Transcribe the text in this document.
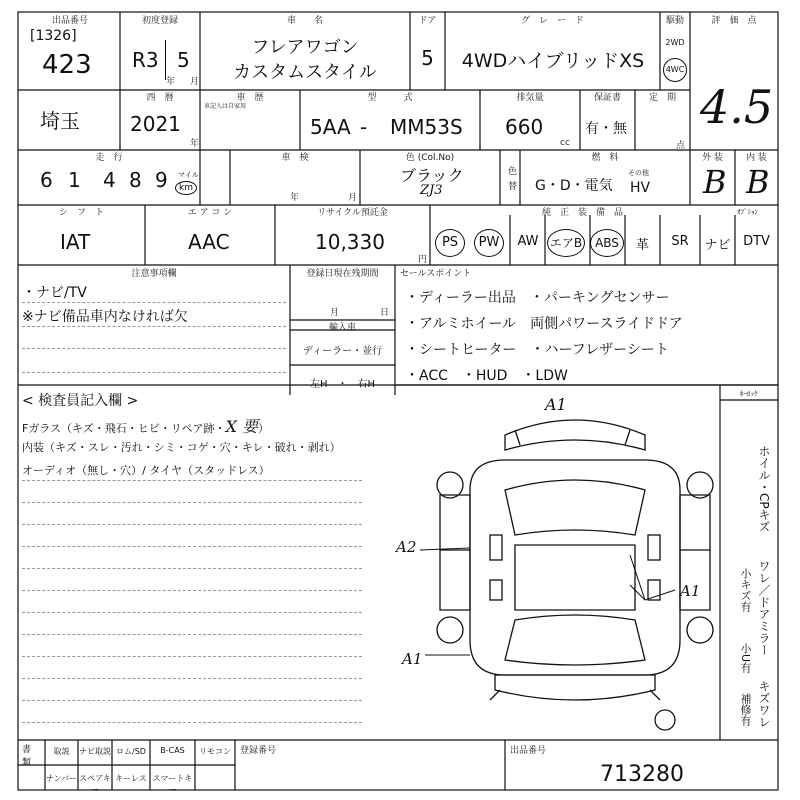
出品番号
[1326]
423
初度登録
R3 5
年 月
車　　名
フレアワゴン
カスタムスタイル
ドア
5
グ　レ　ー　ド
4WDハイブリッドXS
駆動
2WD
4WC
評　価　点
4.5
埼玉
西　暦
2021
年
車　歴
車記入は自家用
型　　　式
5AA - MM53S
排気量
660
cc
保証書
有・無
定　期
点
走　行
6 1 4 8 9 マイル
km
車　検
年	月
色 (Col.No)
ブラック
ZJ3
色替
燃　料
G・D・電気
その他
HV
外 装
B
内 装
B
シ　フ　ト
IAT
エ ア コ ン
AAC
リサイクル預託金
10,330
円
純　正　装　備　品	ｵﾌﾟｼｮﾝ
PS	PW	AW エアB	ABS	革	SR	ナビ DTV
注意事項欄
・ナビ/TV
※ナビ備品車内なければ欠
登録日現在残期間
月	日
輸入車
ディーラー・並行
左H　・　右H
セールスポイント
・ディーラー出品　・パーキングセンサー
・アルミホイール　両側パワースライドドア
・シートヒーター　・ハーフレザーシート
・ACC　・HUD　・LDW
< 検査員記入欄 >
Fガラス（キズ・飛石・ヒビ・リペア跡・X 要）
内装（キズ・スレ・汚れ・シミ・コゲ・穴・キレ・破れ・剥れ）
オーディオ（無し・穴）/ タイヤ（スタッドレス）
ｷｰﾛｯｸ
A1
A2
A1
A1
ホイル・CPキズ
ワレ／ドアミラー
キズワレ
小キズ有
小U有
補修有
書類
取説	ナビ取説 ロム/SD	B-CAS	リモコン
ナンバー スペアキー
キーレス スマートキー
登録番号	出品番号
713280
